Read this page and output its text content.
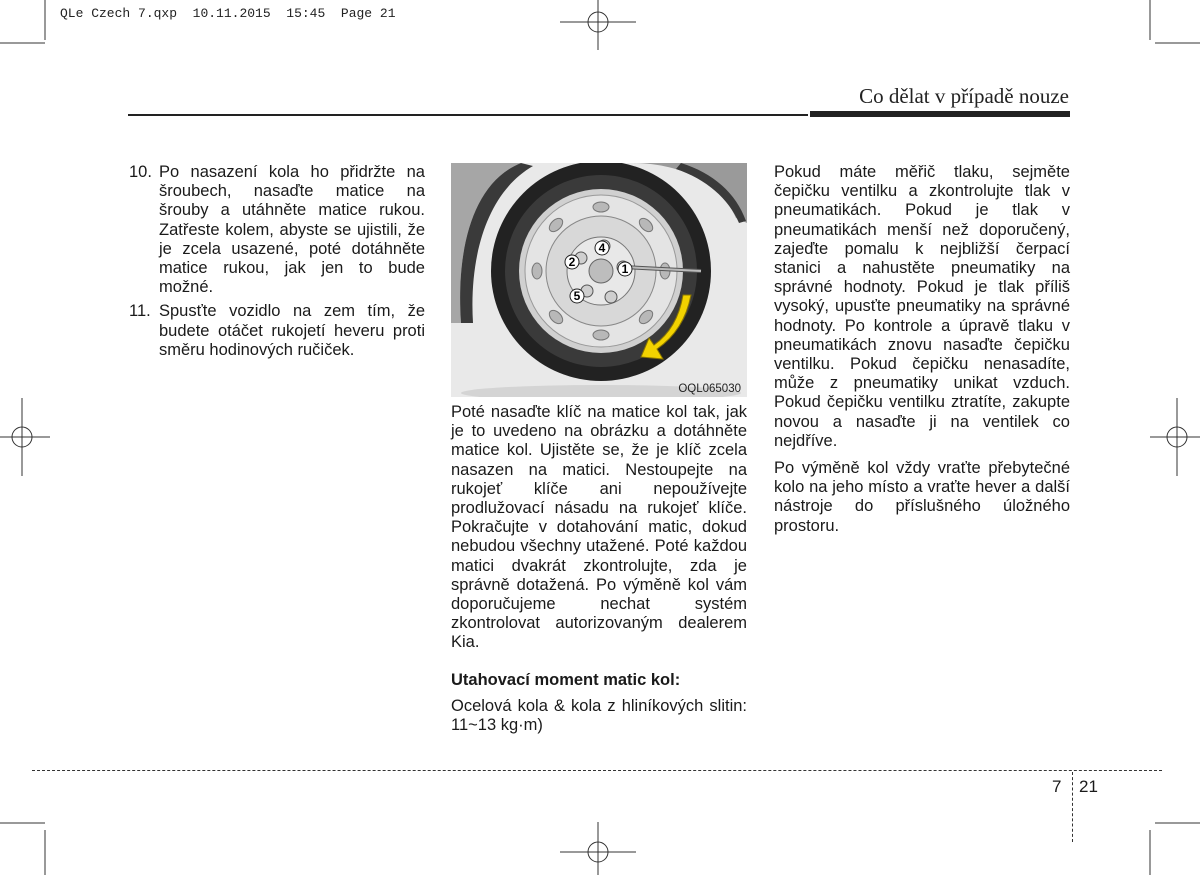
QLe Czech 7.qxp 10.11.2015 15:45 Page 21
Co dělat v případě nouze
10. Po nasazení kola ho přidržte na šroubech, nasaďte matice na šrouby a utáhněte matice rukou. Zatřeste kolem, abyste se ujistili, že je zcela usazené, poté dotáhněte matice rukou, jak jen to bude možné.
11. Spusťte vozidlo na zem tím, že budete otáčet rukojetí heveru proti směru hodinových ručiček.
1
2
4
5
OQL065030

Poté nasaďte klíč na matice kol tak, jak je to uvedeno na obrázku a dotáhněte matice kol. Ujistěte se, že je klíč zcela nasazen na matici. Nestoupejte na rukojeť klíče ani nepoužívejte prodlužovací násadu na rukojeť klíče. Pokračujte v dotahování matic, dokud nebudou všechny utažené. Poté každou matici dvakrát zkontrolujte, zda je správně dotažená. Po výměně kol vám doporučujeme nechat systém zkontrolovat autorizovaným dealerem Kia.

Utahovací moment matic kol:

Ocelová kola & kola z hliníkových slitin: 11~13 kg·m)

Pokud máte měřič tlaku, sejměte čepičku ventilku a zkontrolujte tlak v pneumatikách. Pokud je tlak v pneumatikách menší než doporučený, zajeďte pomalu k nejbližší čerpací stanici a nahustěte pneumatiky na správné hodnoty. Pokud je tlak příliš vysoký, upusťte pneumatiky na správné hodnoty. Po kontrole a úpravě tlaku v pneumatikách znovu nasaďte čepičku ventilku. Pokud čepičku nenasadíte, může z pneumatiky unikat vzduch. Pokud čepičku ventilku ztratíte, zakupte novou a nasaďte ji na ventilek co nejdříve.

Po výměně kol vždy vraťte přebytečné kolo na jeho místo a vraťte hever a další nástroje do příslušného úložného prostoru.

7 21
